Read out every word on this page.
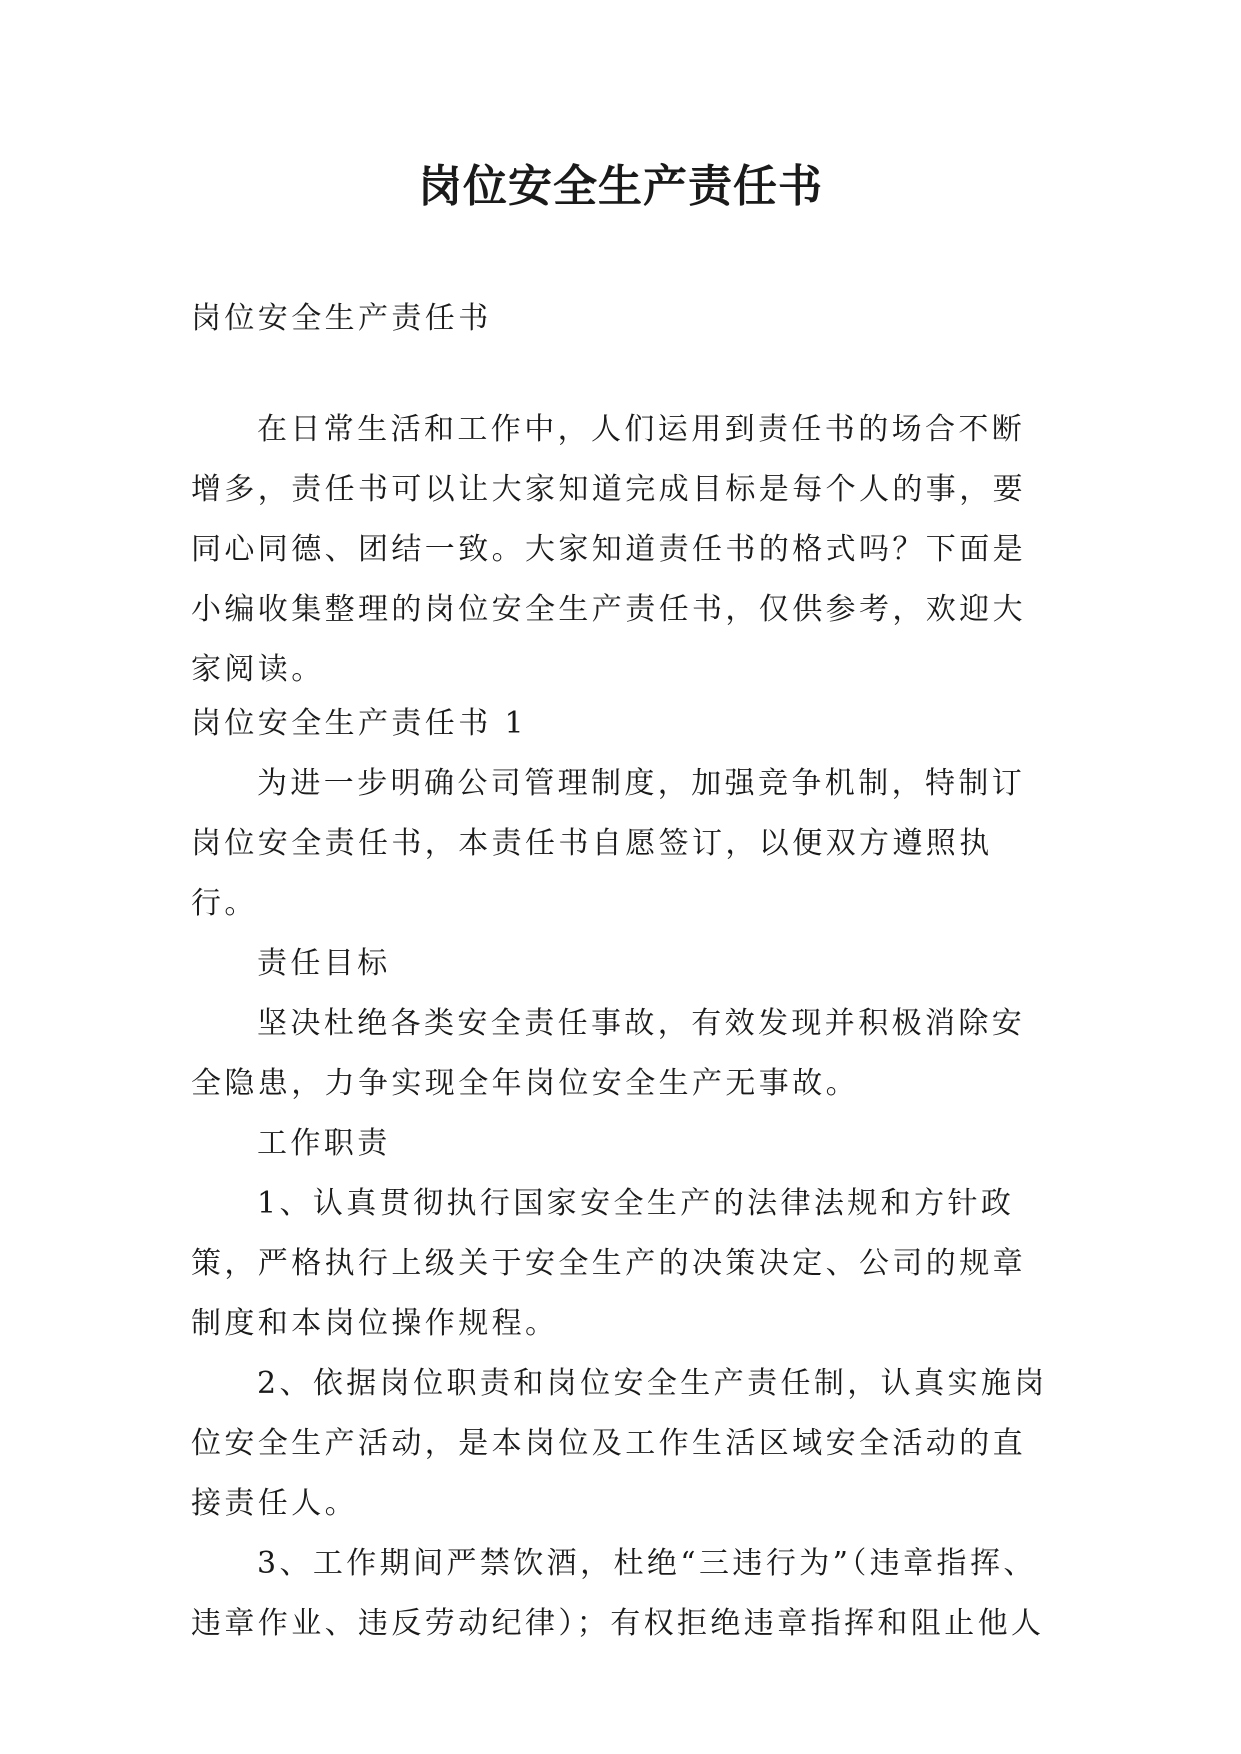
岗位安全生产责任书

岗位安全生产责任书

在日常生活和工作中，人们运用到责任书的场合不断增多，责任书可以让大家知道完成目标是每个人的事，要同心同德、团结一致。大家知道责任书的格式吗？下面是小编收集整理的岗位安全生产责任书，仅供参考，欢迎大家阅读。

岗位安全生产责任书 1

为进一步明确公司管理制度，加强竞争机制，特制订岗位安全责任书，本责任书自愿签订，以便双方遵照执行。

责任目标

坚决杜绝各类安全责任事故，有效发现并积极消除安全隐患，力争实现全年岗位安全生产无事故。

工作职责

1、认真贯彻执行国家安全生产的法律法规和方针政策，严格执行上级关于安全生产的决策决定、公司的规章制度和本岗位操作规程。

2、依据岗位职责和岗位安全生产责任制，认真实施岗位安全生产活动，是本岗位及工作生活区域安全活动的直接责任人。

3、工作期间严禁饮酒，杜绝“三违行为”（违章指挥、违章作业、违反劳动纪律）；有权拒绝违章指挥和阻止他人
